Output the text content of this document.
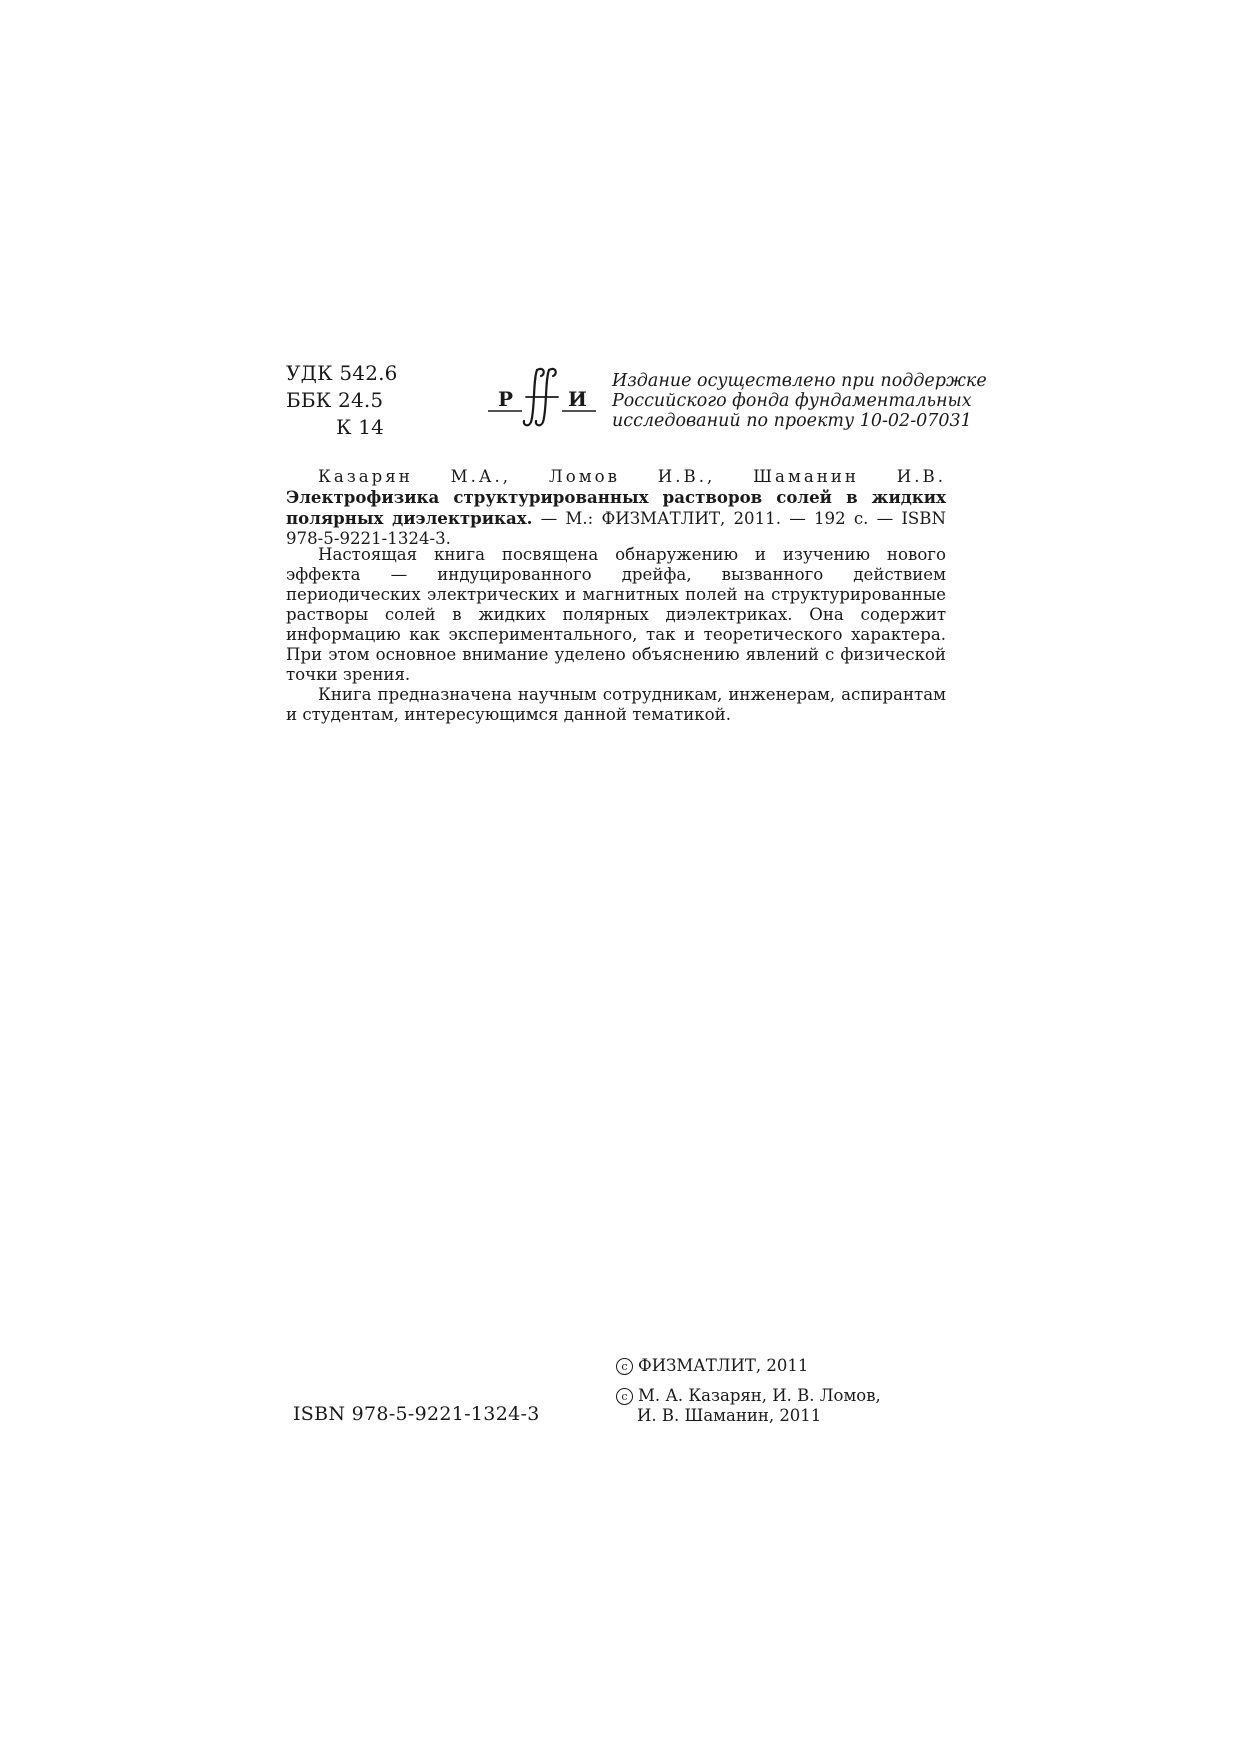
УДК 542.6
ББК 24.5
К 14
Р	И
Издание осуществлено при поддержке
Российского фонда фундаментальных
исследований по проекту 10-02-07031

Казарян М.А., Ломов И.В., Шаманин И.В. Электрофизика структурированных растворов солей в жидких полярных диэлектриках. — М.: ФИЗМАТЛИТ, 2011. — 192 с. — ISBN 978-5-9221-1324-3.

Настоящая книга посвящена обнаружению и изучению нового эффекта — индуцированного дрейфа, вызванного действием периодических электрических и магнитных полей на структурированные растворы солей в жидких полярных диэлектриках. Она содержит информацию как экспериментального, так и теоретического характера. При этом основное внимание уделено объяснению явлений с физической точки зрения.

Книга предназначена научным сотрудникам, инженерам, аспирантам и студентам, интересующимся данной тематикой.

ISBN 978-5-9221-1324-3
c ФИЗМАТЛИТ, 2011
c М. А. Казарян, И. В. Ломов,
И. В. Шаманин, 2011
